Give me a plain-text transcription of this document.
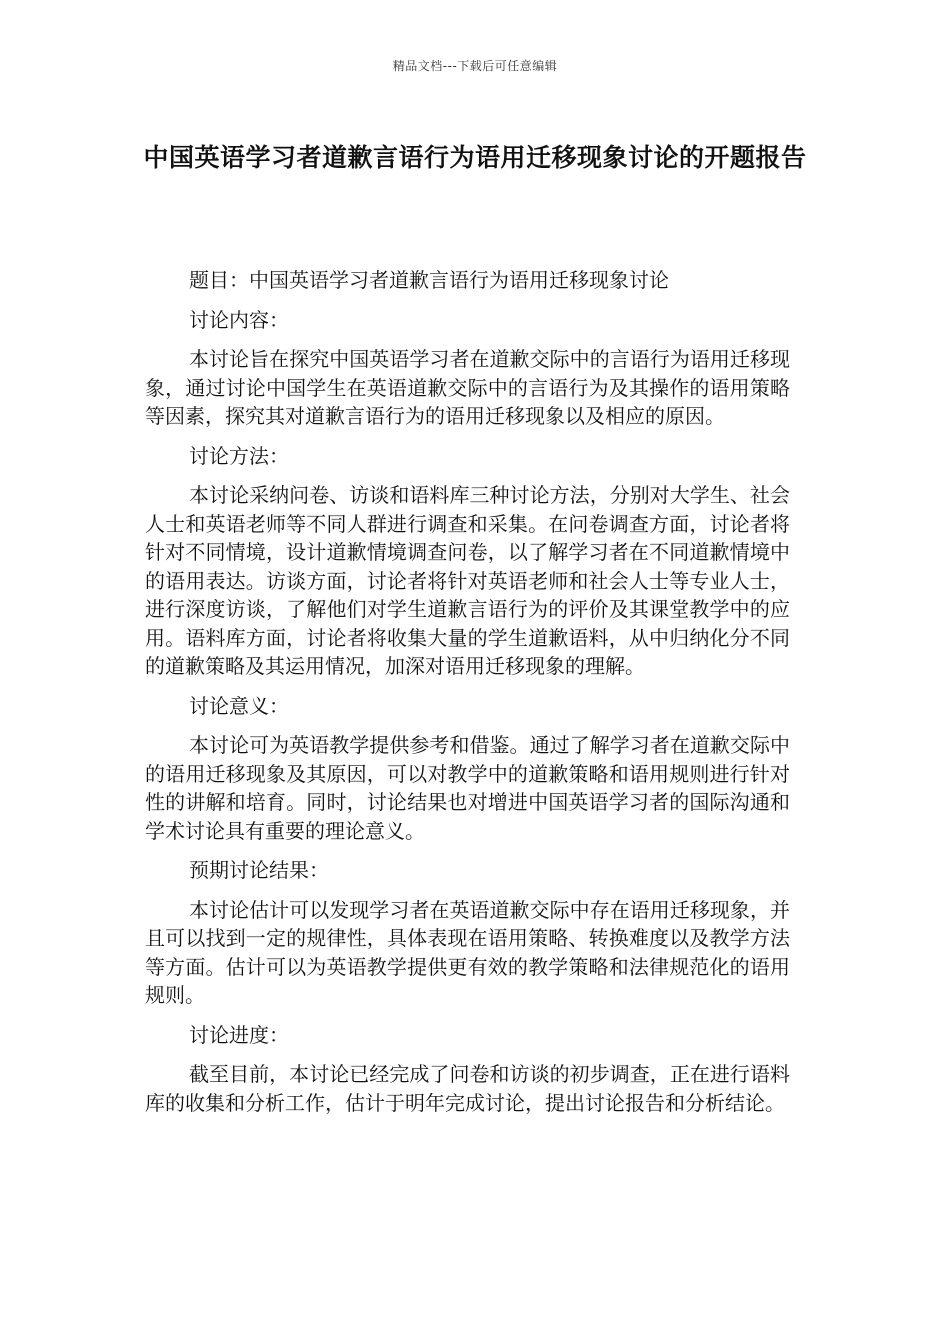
精品文档---下载后可任意编辑
中国英语学习者道歉言语行为语用迁移现象讨论的开题报告

题目：中国英语学习者道歉言语行为语用迁移现象讨论

讨论内容：

本讨论旨在探究中国英语学习者在道歉交际中的言语行为语用迁移现象，通过讨论中国学生在英语道歉交际中的言语行为及其操作的语用策略等因素，探究其对道歉言语行为的语用迁移现象以及相应的原因。

讨论方法：

本讨论采纳问卷、访谈和语料库三种讨论方法，分别对大学生、社会人士和英语老师等不同人群进行调查和采集。在问卷调查方面，讨论者将针对不同情境，设计道歉情境调查问卷，以了解学习者在不同道歉情境中的语用表达。访谈方面，讨论者将针对英语老师和社会人士等专业人士，进行深度访谈，了解他们对学生道歉言语行为的评价及其课堂教学中的应用。语料库方面，讨论者将收集大量的学生道歉语料，从中归纳化分不同的道歉策略及其运用情况，加深对语用迁移现象的理解。

讨论意义：

本讨论可为英语教学提供参考和借鉴。通过了解学习者在道歉交际中的语用迁移现象及其原因，可以对教学中的道歉策略和语用规则进行针对性的讲解和培育。同时，讨论结果也对增进中国英语学习者的国际沟通和学术讨论具有重要的理论意义。

预期讨论结果：

本讨论估计可以发现学习者在英语道歉交际中存在语用迁移现象，并且可以找到一定的规律性，具体表现在语用策略、转换难度以及教学方法等方面。估计可以为英语教学提供更有效的教学策略和法律规范化的语用规则。

讨论进度：

截至目前，本讨论已经完成了问卷和访谈的初步调查，正在进行语料库的收集和分析工作，估计于明年完成讨论，提出讨论报告和分析结论。
